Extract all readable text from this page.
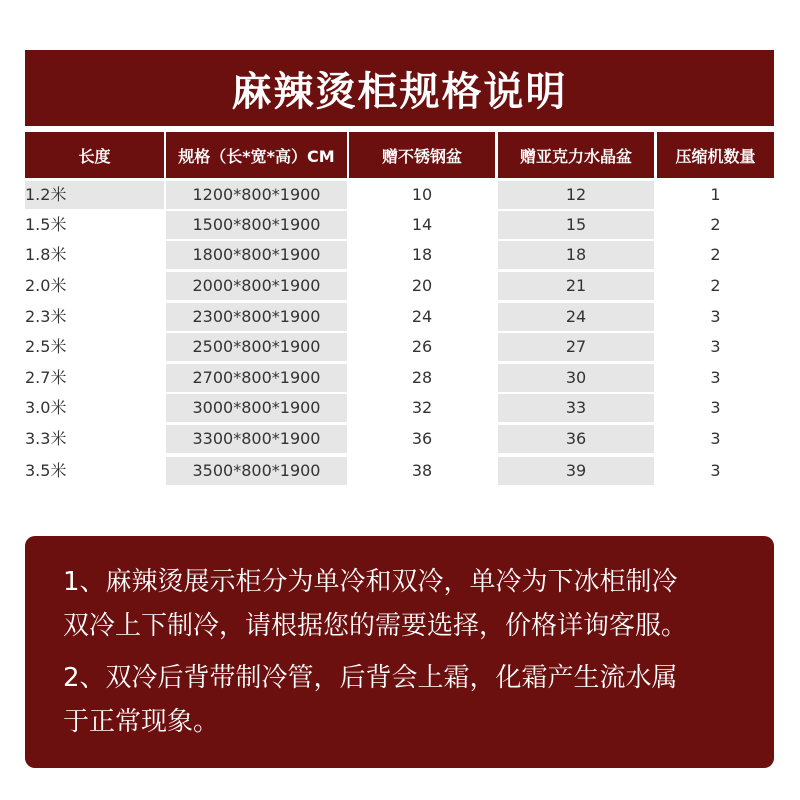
麻辣烫柜规格说明
长度	规格（长*宽*高）CM	赠不锈钢盆	赠亚克力水晶盆	压缩机数量
1.2米	1200*800*1900	10	12	1
1.5米	1500*800*1900	14	15	2
1.8米	1800*800*1900	18	18	2
2.0米	2000*800*1900	20	21	2
2.3米	2300*800*1900	24	24	3
2.5米	2500*800*1900	26	27	3
2.7米	2700*800*1900	28	30	3
3.0米	3000*800*1900	32	33	3
3.3米	3300*800*1900	36	36	3
3.5米	3500*800*1900	38	39	3
1、麻辣烫展示柜分为单冷和双冷，单冷为下冰柜制冷
双冷上下制冷，请根据您的需要选择，价格详询客服。
2、双冷后背带制冷管，后背会上霜，化霜产生流水属
于正常现象。
